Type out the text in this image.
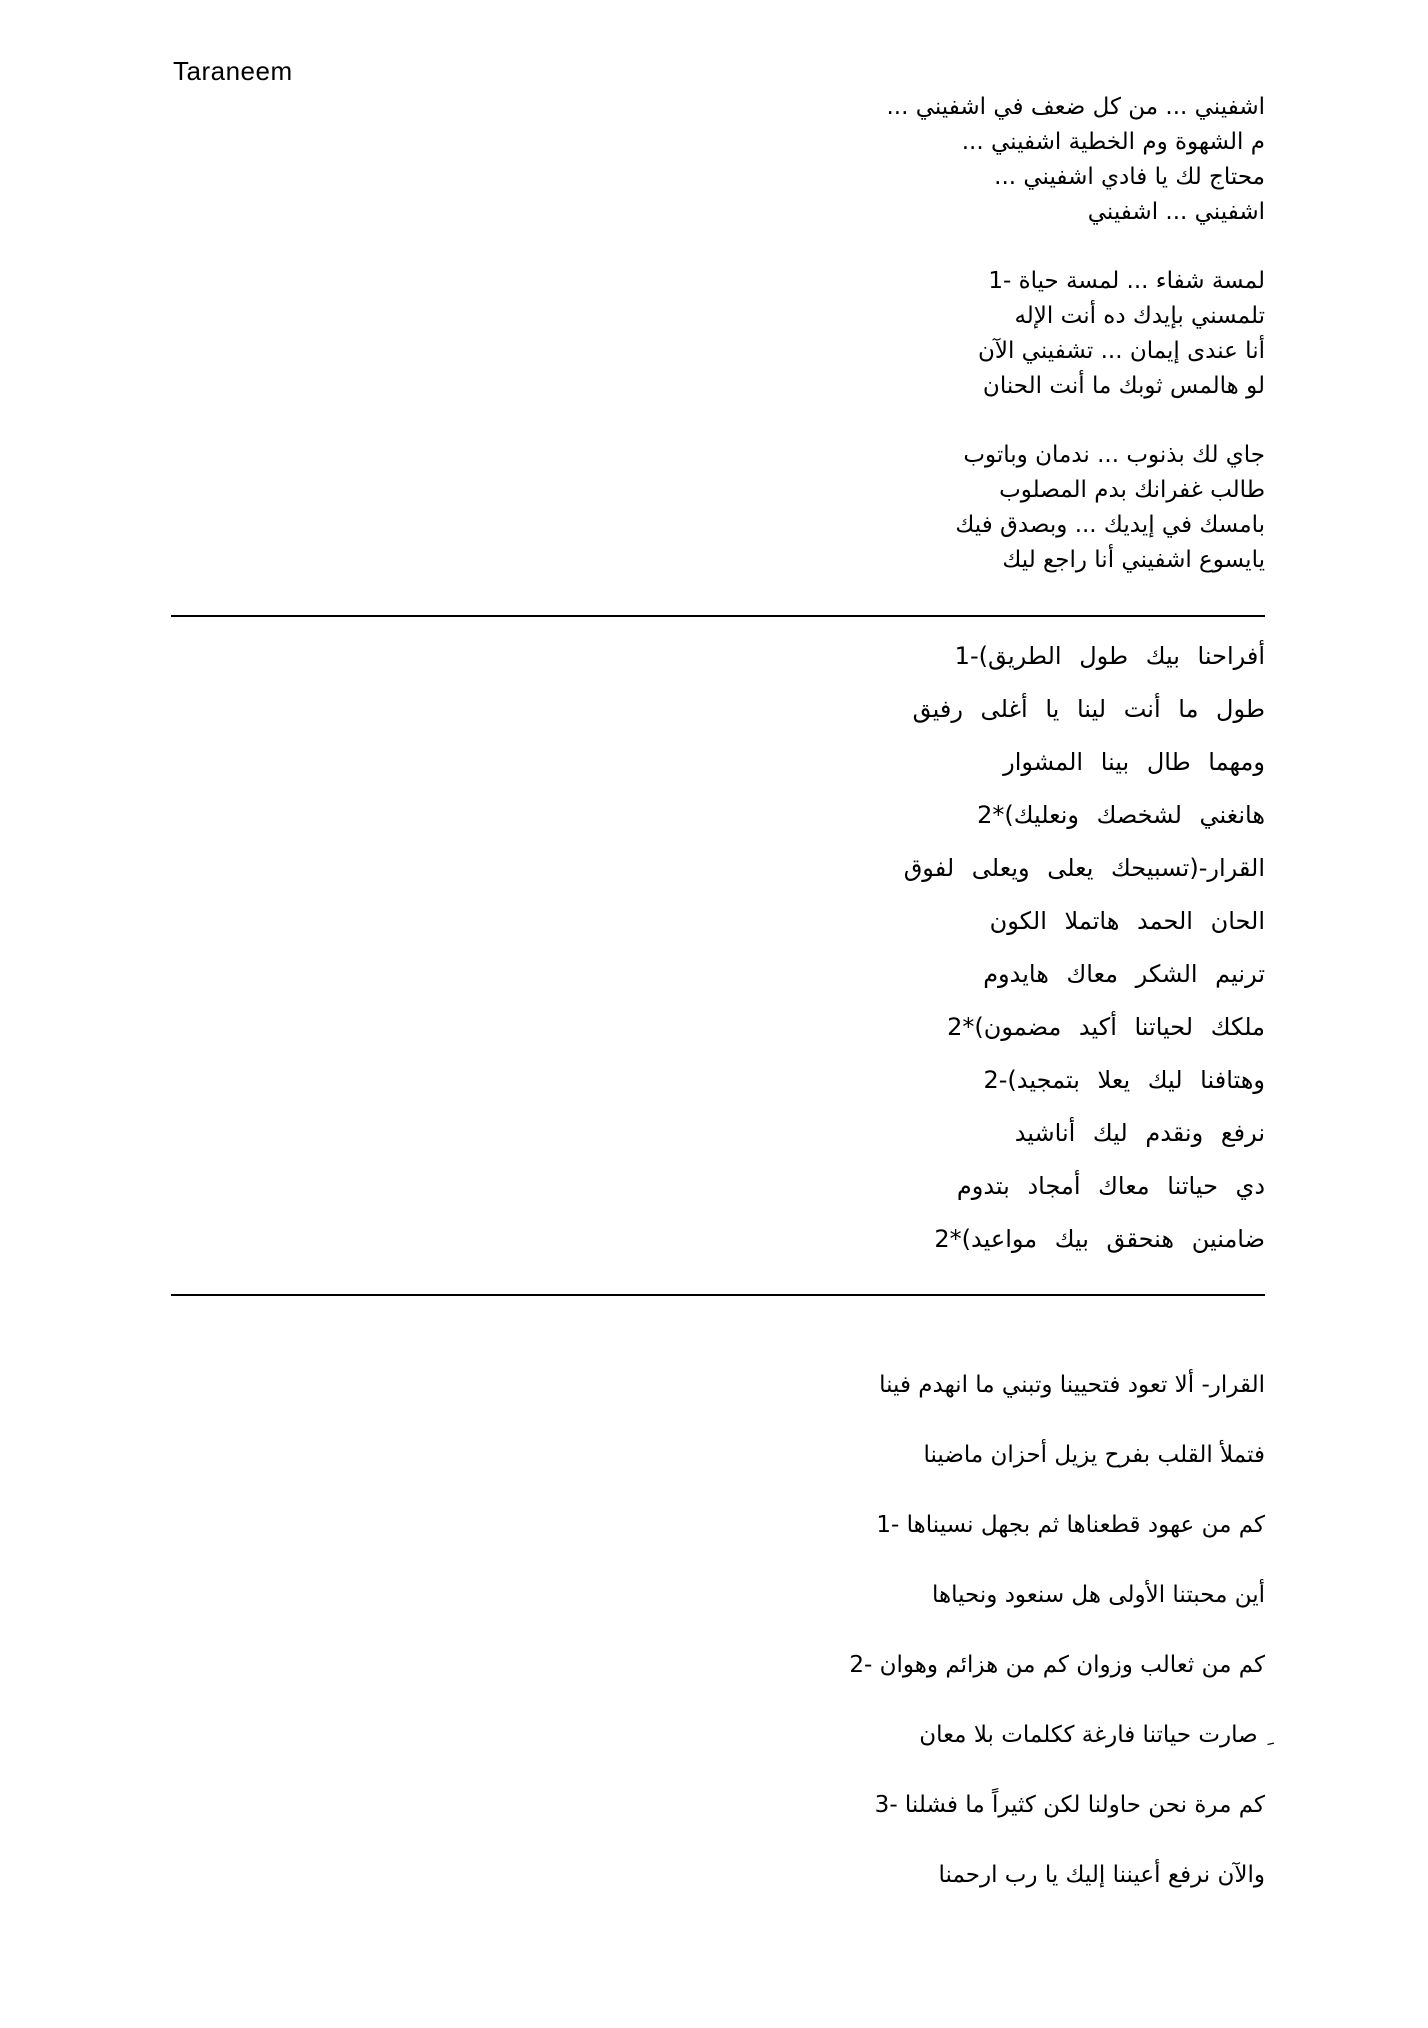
Taraneem
اشفيني ... من كل ضعف في اشفيني ...
م الشهوة وم الخطية اشفيني ...
محتاج لك يا فادي اشفيني ...
اشفيني ... اشفيني
لمسة شفاء ... لمسة حياة -1
تلمسني بإيدك ده أنت الإله
أنا عندى إيمان ... تشفيني الآن
لو هالمس ثوبك ما أنت الحنان
جاي لك بذنوب ... ندمان وباتوب
طالب غفرانك بدم المصلوب
بامسك في إيديك ... وبصدق فيك
يايسوع اشفيني أنا راجع ليك
أفراحنا بيك طول الطريق)-1
طول ما أنت لينا يا أغلى رفيق
ومهما طال بينا المشوار
هانغني لشخصك ونعليك)*2
القرار-(تسبيحك يعلى ويعلى لفوق
الحان الحمد هاتملا الكون
ترنيم الشكر معاك هايدوم
ملكك لحياتنا أكيد مضمون)*2
وهتافنا ليك يعلا بتمجيد)-2
نرفع ونقدم ليك أناشيد
دي حياتنا معاك أمجاد بتدوم
ضامنين هنحقق بيك مواعيد)*2
القرار- ألا تعود فتحيينا وتبني ما انهدم فينا
فتملأ القلب بفرح يزيل أحزان ماضينا
كم من عهود قطعناها ثم بجهل نسيناها -1
أين محبتنا الأولى هل سنعود ونحياها
كم من ثعالب وزوان كم من هزائم وهوان -2
ِ صارت حياتنا فارغة ككلمات بلا معان
كم مرة نحن حاولنا لكن كثيراً ما فشلنا -3
والآن نرفع أعيننا إليك يا رب ارحمنا
